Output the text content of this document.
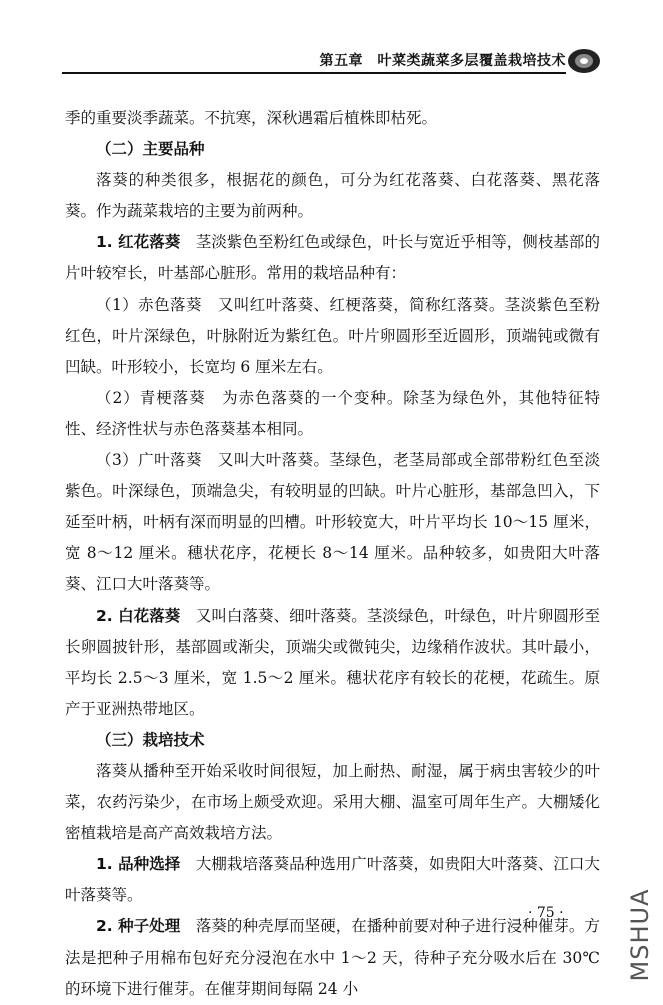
第五章　叶菜类蔬菜多层覆盖栽培技术

季的重要淡季蔬菜。不抗寒，深秋遇霜后植株即枯死。

（二）主要品种

落葵的种类很多，根据花的颜色，可分为红花落葵、白花落葵、黑花落葵。作为蔬菜栽培的主要为前两种。

1. 红花落葵　茎淡紫色至粉红色或绿色，叶长与宽近乎相等，侧枝基部的片叶较窄长，叶基部心脏形。常用的栽培品种有：

（1）赤色落葵　又叫红叶落葵、红梗落葵，简称红落葵。茎淡紫色至粉红色，叶片深绿色，叶脉附近为紫红色。叶片卵圆形至近圆形，顶端钝或微有凹缺。叶形较小，长宽均 6 厘米左右。

（2）青梗落葵　为赤色落葵的一个变种。除茎为绿色外，其他特征特性、经济性状与赤色落葵基本相同。

（3）广叶落葵　又叫大叶落葵。茎绿色，老茎局部或全部带粉红色至淡紫色。叶深绿色，顶端急尖，有较明显的凹缺。叶片心脏形，基部急凹入，下延至叶柄，叶柄有深而明显的凹槽。叶形较宽大，叶片平均长 10～15 厘米，宽 8～12 厘米。穗状花序，花梗长 8～14 厘米。品种较多，如贵阳大叶落葵、江口大叶落葵等。

2. 白花落葵　又叫白落葵、细叶落葵。茎淡绿色，叶绿色，叶片卵圆形至长卵圆披针形，基部圆或渐尖，顶端尖或微钝尖，边缘稍作波状。其叶最小，平均长 2.5～3 厘米，宽 1.5～2 厘米。穗状花序有较长的花梗，花疏生。原产于亚洲热带地区。

（三）栽培技术

落葵从播种至开始采收时间很短，加上耐热、耐湿，属于病虫害较少的叶菜，农药污染少，在市场上颇受欢迎。采用大棚、温室可周年生产。大棚矮化密植栽培是高产高效栽培方法。

1. 品种选择　大棚栽培落葵品种选用广叶落葵，如贵阳大叶落葵、江口大叶落葵等。

2. 种子处理　落葵的种壳厚而坚硬，在播种前要对种子进行浸种催芽。方法是把种子用棉布包好充分浸泡在水中 1～2 天，待种子充分吸水后在 30℃的环境下进行催芽。在催芽期间每隔 24 小

· 75 ·	MSHUA
